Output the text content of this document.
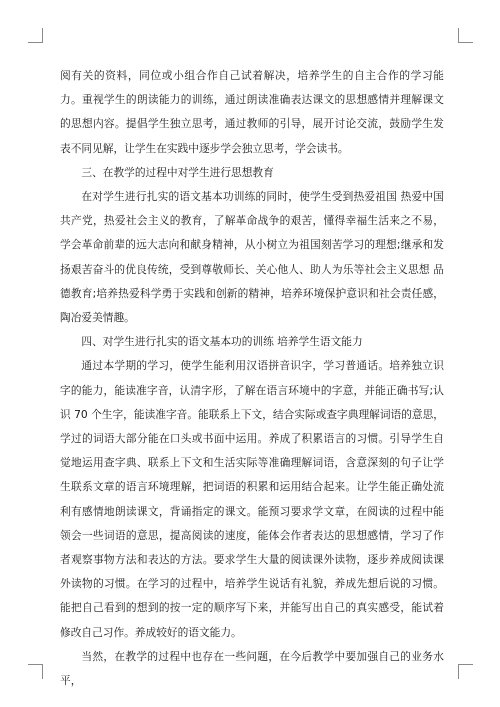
阅有关的资料，同位或小组合作自己试着解决，培养学生的自主合作的学习能力。重视学生的朗读能力的训练，通过朗读准确表达课文的思想感情并理解课文的思想内容。提倡学生独立思考，通过教师的引导，展开讨论交流，鼓励学生发表不同见解，让学生在实践中逐步学会独立思考，学会读书。

三、在教学的过程中对学生进行思想教育

在对学生进行扎实的语文基本功训练的同时，使学生受到热爱祖国 热爱中国共产党，热爱社会主义的教育，了解革命战争的艰苦，懂得幸福生活来之不易，学会革命前辈的远大志向和献身精神，从小树立为祖国刻苦学习的理想;继承和发扬艰苦奋斗的优良传统，受到尊敬师长、关心他人、助人为乐等社会主义思想 品德教育;培养热爱科学勇于实践和创新的精神，培养环境保护意识和社会责任感，陶冶爱美情趣。

四、对学生进行扎实的语文基本功的训练 培养学生语文能力

通过本学期的学习，使学生能利用汉语拼音识字，学习普通话。培养独立识字的能力，能读准字音，认清字形，了解在语言环境中的字意，并能正确书写;认识 70 个生字，能读准字音。能联系上下文，结合实际或查字典理解词语的意思，学过的词语大部分能在口头或书面中运用。养成了积累语言的习惯。引导学生自觉地运用查字典、联系上下文和生活实际等准确理解词语，含意深刻的句子让学生联系文章的语言环境理解，把词语的积累和运用结合起来。让学生能正确处流利有感情地朗读课文，背诵指定的课文。能预习要求学文章，在阅读的过程中能领会一些词语的意思，提高阅读的速度，能体会作者表达的思想感情，学习了作者观察事物方法和表达的方法。要求学生大量的阅读课外读物，逐步养成阅读课外读物的习惯。在学习的过程中，培养学生说话有礼貌，养成先想后说的习惯。能把自己看到的想到的按一定的顺序写下来，并能写出自己的真实感受，能试着修改自己习作。养成较好的语文能力。

当然，在教学的过程中也存在一些问题，在今后教学中要加强自己的业务水平，
